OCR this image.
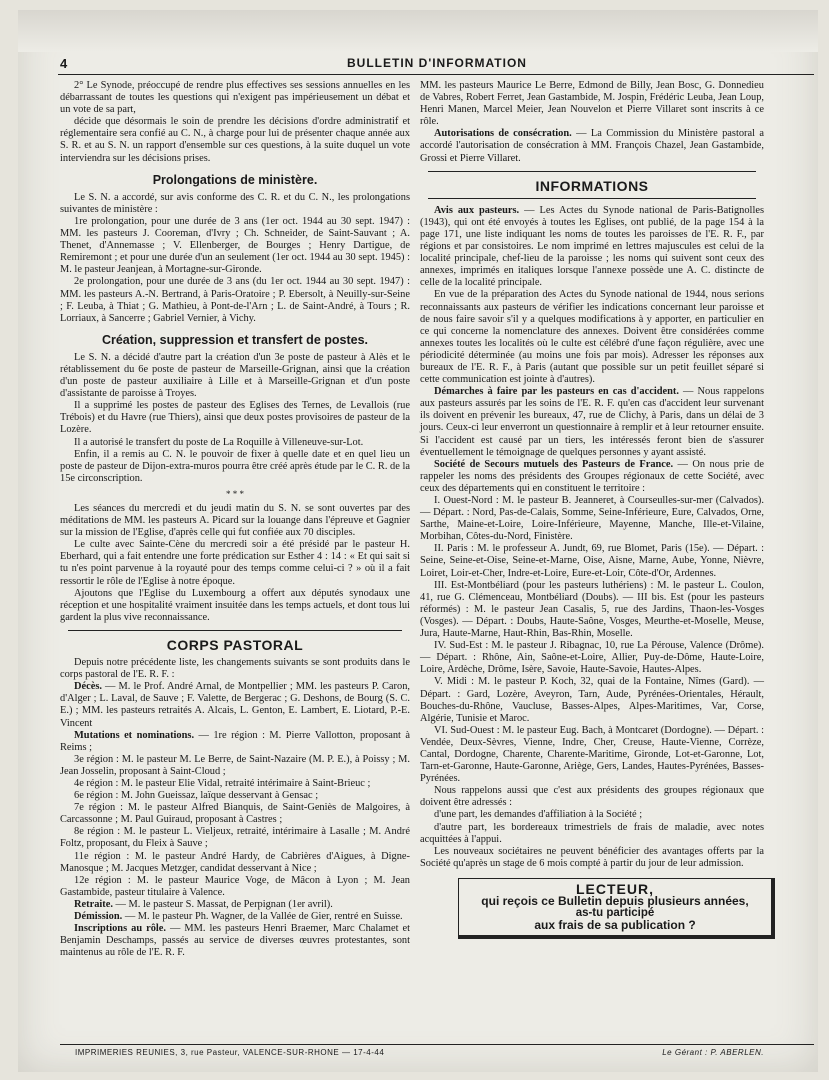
4	BULLETIN D'INFORMATION

2° Le Synode, préoccupé de rendre plus effectives ses sessions annuelles en les débarrassant de toutes les questions qui n'exigent pas impérieusement un débat et un vote de sa part,

décide que désormais le soin de prendre les décisions d'ordre administratif et réglementaire sera confié au C. N., à charge pour lui de présenter chaque année aux S. R. et au S. N. un rapport d'ensemble sur ces questions, à la suite duquel un vote interviendra sur les décisions prises.

Prolongations de ministère.

Le S. N. a accordé, sur avis conforme des C. R. et du C. N., les prolongations suivantes de ministère :

1re prolongation, pour une durée de 3 ans (1er oct. 1944 au 30 sept. 1947) : MM. les pasteurs J. Cooreman, d'Ivry ; Ch. Schneider, de Saint-Sauvant ; A. Thenet, d'Annemasse ; V. Ellenberger, de Bourges ; Henry Dartigue, de Remiremont ; et pour une durée d'un an seulement (1er oct. 1944 au 30 sept. 1945) : M. le pasteur Jeanjean, à Mortagne-sur-Gironde.

2e prolongation, pour une durée de 3 ans (du 1er oct. 1944 au 30 sept. 1947) : MM. les pasteurs A.-N. Bertrand, à Paris-Oratoire ; P. Ebersolt, à Neuilly-sur-Seine ; F. Leuba, à Thiat ; G. Mathieu, à Pont-de-l'Arn ; L. de Saint-André, à Tours ; R. Lorriaux, à Sancerre ; Gabriel Vernier, à Vichy.

Création, suppression et transfert de postes.

Le S. N. a décidé d'autre part la création d'un 3e poste de pasteur à Alès et le rétablissement du 6e poste de pasteur de Marseille-Grignan, ainsi que la création d'un poste de pasteur auxiliaire à Lille et à Marseille-Grignan et d'un poste d'assistante de paroisse à Troyes.

Il a supprimé les postes de pasteur des Eglises des Ternes, de Levallois (rue Trébois) et du Havre (rue Thiers), ainsi que deux postes provisoires de pasteur de la Lozère.

Il a autorisé le transfert du poste de La Roquille à Villeneuve-sur-Lot.

Enfin, il a remis au C. N. le pouvoir de fixer à quelle date et en quel lieu un poste de pasteur de Dijon-extra-muros pourra être créé après étude par le C. R. de la 15e circonscription.

* * *

Les séances du mercredi et du jeudi matin du S. N. se sont ouvertes par des méditations de MM. les pasteurs A. Picard sur la louange dans l'épreuve et Gagnier sur la mission de l'Eglise, d'après celle qui fut confiée aux 70 disciples.

Le culte avec Sainte-Cène du mercredi soir a été présidé par le pasteur H. Eberhard, qui a fait entendre une forte prédication sur Esther 4 : 14 : « Et qui sait si tu n'es point parvenue à la royauté pour des temps comme celui-ci ? » où il a fait ressortir le rôle de l'Eglise à notre époque.

Ajoutons que l'Eglise du Luxembourg a offert aux députés synodaux une réception et une hospitalité vraiment insuitée dans les temps actuels, et dont tous lui gardent la plus vive reconnaissance.

CORPS PASTORAL

Depuis notre précédente liste, les changements suivants se sont produits dans le corps pastoral de l'E. R. F. :

Décès. — M. le Prof. André Arnal, de Montpellier ; MM. les pasteurs P. Caron, d'Alger ; L. Laval, de Sauve ; F. Valette, de Bergerac ; G. Deshons, de Bourg (S. C. E.) ; MM. les pasteurs retraités A. Alcais, L. Genton, E. Lambert, E. Liotard, P.-E. Vincent

Mutations et nominations. — 1re région : M. Pierre Vallotton, proposant à Reims ;

3e région : M. le pasteur M. Le Berre, de Saint-Nazaire (M. P. E.), à Poissy ; M. Jean Josselin, proposant à Saint-Cloud ;

4e région : M. le pasteur Elie Vidal, retraité intérimaire à Saint-Brieuc ;

6e région : M. John Gueissaz, laïque desservant à Gensac ;

7e région : M. le pasteur Alfred Bianquis, de Saint-Geniès de Malgoires, à Carcassonne ; M. Paul Guiraud, proposant à Castres ;

8e région : M. le pasteur L. Vieljeux, retraité, intérimaire à Lasalle ; M. André Foltz, proposant, du Fleix à Sauve ;

11e région : M. le pasteur André Hardy, de Cabrières d'Aigues, à Digne-Manosque ; M. Jacques Metzger, candidat desservant à Nice ;

12e région : M. le pasteur Maurice Voge, de Mâcon à Lyon ; M. Jean Gastambide, pasteur titulaire à Valence.

Retraite. — M. le pasteur S. Massat, de Perpignan (1er avril).

Démission. — M. le pasteur Ph. Wagner, de la Vallée de Gier, rentré en Suisse.

Inscriptions au rôle. — MM. les pasteurs Henri Braemer, Marc Chalamet et Benjamin Deschamps, passés au service de diverses œuvres protestantes, sont maintenus au rôle de l'E. R. F.

MM. les pasteurs Maurice Le Berre, Edmond de Billy, Jean Bosc, G. Donnedieu de Vabres, Robert Ferret, Jean Gastambide, M. Jospin, Frédéric Leuba, Jean Loup, Henri Manen, Marcel Meier, Jean Nouvelon et Pierre Villaret sont inscrits à ce rôle.

Autorisations de consécration. — La Commission du Ministère pastoral a accordé l'autorisation de consécration à MM. François Chazel, Jean Gastambide, Grossi et Pierre Villaret.

INFORMATIONS

Avis aux pasteurs. — Les Actes du Synode national de Paris-Batignolles (1943), qui ont été envoyés à toutes les Eglises, ont publié, de la page 154 à la page 171, une liste indiquant les noms de toutes les paroisses de l'E. R. F., par régions et par consistoires. Le nom imprimé en lettres majuscules est celui de la localité principale, chef-lieu de la paroisse ; les noms qui suivent sont ceux des annexes, imprimés en italiques lorsque l'annexe possède une A. C. distincte de celle de la localité principale.

En vue de la préparation des Actes du Synode national de 1944, nous serions reconnaissants aux pasteurs de vérifier les indications concernant leur paroisse et de nous faire savoir s'il y a quelques modifications à y apporter, en particulier en ce qui concerne la nomenclature des annexes. Doivent être considérées comme annexes toutes les localités où le culte est célébré d'une façon régulière, avec une périodicité déterminée (au moins une fois par mois). Adresser les réponses aux bureaux de l'E. R. F., à Paris (autant que possible sur un petit feuillet séparé si cette communication est jointe à d'autres).

Démarches à faire par les pasteurs en cas d'accident. — Nous rappelons aux pasteurs assurés par les soins de l'E. R. F. qu'en cas d'accident leur survenant ils doivent en prévenir les bureaux, 47, rue de Clichy, à Paris, dans un délai de 3 jours. Ceux-ci leur enverront un questionnaire à remplir et à leur retourner ensuite. Si l'accident est causé par un tiers, les intéressés feront bien de s'assurer éventuellement le témoignage de quelques personnes y ayant assisté.

Société de Secours mutuels des Pasteurs de France. — On nous prie de rappeler les noms des présidents des Groupes régionaux de cette Société, avec ceux des départements qui en constituent le territoire :

I. Ouest-Nord : M. le pasteur B. Jeanneret, à Courseulles-sur-mer (Calvados). — Départ. : Nord, Pas-de-Calais, Somme, Seine-Inférieure, Eure, Calvados, Orne, Sarthe, Maine-et-Loire, Loire-Inférieure, Mayenne, Manche, Ille-et-Vilaine, Morbihan, Côtes-du-Nord, Finistère.

II. Paris : M. le professeur A. Jundt, 69, rue Blomet, Paris (15e). — Départ. : Seine, Seine-et-Oise, Seine-et-Marne, Oise, Aisne, Marne, Aube, Yonne, Nièvre, Loiret, Loir-et-Cher, Indre-et-Loire, Eure-et-Loir, Côte-d'Or, Ardennes.

III. Est-Montbéliard (pour les pasteurs luthériens) : M. le pasteur L. Coulon, 41, rue G. Clémenceau, Montbéliard (Doubs). — III bis. Est (pour les pasteurs réformés) : M. le pasteur Jean Casalis, 5, rue des Jardins, Thaon-les-Vosges (Vosges). — Départ. : Doubs, Haute-Saône, Vosges, Meurthe-et-Moselle, Meuse, Jura, Haute-Marne, Haut-Rhin, Bas-Rhin, Moselle.

IV. Sud-Est : M. le pasteur J. Ribagnac, 10, rue La Pérouse, Valence (Drôme). — Départ. : Rhône, Ain, Saône-et-Loire, Allier, Puy-de-Dôme, Haute-Loire, Loire, Ardèche, Drôme, Isère, Savoie, Haute-Savoie, Hautes-Alpes.

V. Midi : M. le pasteur P. Koch, 32, quai de la Fontaine, Nîmes (Gard). — Départ. : Gard, Lozère, Aveyron, Tarn, Aude, Pyrénées-Orientales, Hérault, Bouches-du-Rhône, Vaucluse, Basses-Alpes, Alpes-Maritimes, Var, Corse, Algérie, Tunisie et Maroc.

VI. Sud-Ouest : M. le pasteur Eug. Bach, à Montcaret (Dordogne). — Départ. : Vendée, Deux-Sèvres, Vienne, Indre, Cher, Creuse, Haute-Vienne, Corrèze, Cantal, Dordogne, Charente, Charente-Maritime, Gironde, Lot-et-Garonne, Lot, Tarn-et-Garonne, Haute-Garonne, Ariège, Gers, Landes, Hautes-Pyrénées, Basses-Pyrénées.

Nous rappelons aussi que c'est aux présidents des groupes régionaux que doivent être adressés :

d'une part, les demandes d'affiliation à la Société ;

d'autre part, les bordereaux trimestriels de frais de maladie, avec notes acquittées à l'appui.

Les nouveaux sociétaires ne peuvent bénéficier des avantages offerts par la Société qu'après un stage de 6 mois compté à partir du jour de leur admission.

LECTEUR,
qui reçois ce Bulletin depuis plusieurs années,
as-tu participé
aux frais de sa publication ?
IMPRIMERIES REUNIES, 3, rue Pasteur, VALENCE-SUR-RHONE — 17-4-44	Le Gérant : P. ABERLEN.
